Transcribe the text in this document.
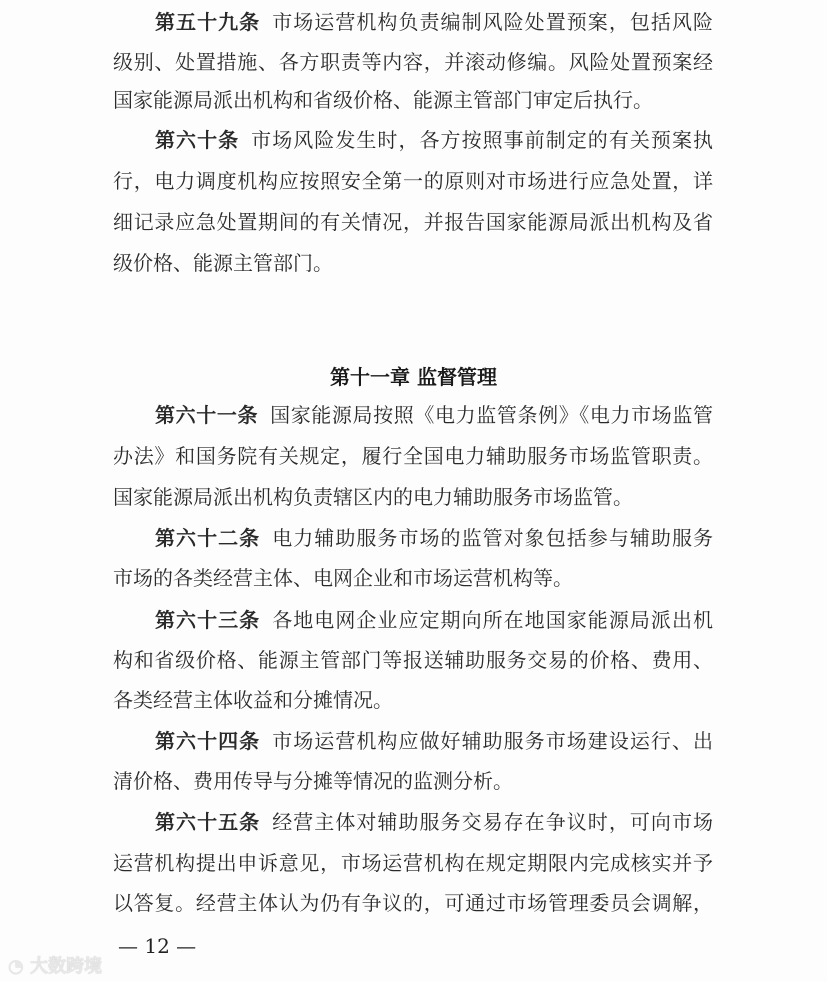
第五十九条 市场运营机构负责编制风险处置预案，包括风险
级别、处置措施、各方职责等内容，并滚动修编。风险处置预案经
国家能源局派出机构和省级价格、能源主管部门审定后执行。
第六十条 市场风险发生时，各方按照事前制定的有关预案执
行，电力调度机构应按照安全第一的原则对市场进行应急处置，详
细记录应急处置期间的有关情况，并报告国家能源局派出机构及省
级价格、能源主管部门。
第六十一条 国家能源局按照《电力监管条例》《电力市场监管
办法》和国务院有关规定，履行全国电力辅助服务市场监管职责。
国家能源局派出机构负责辖区内的电力辅助服务市场监管。
第六十二条 电力辅助服务市场的监管对象包括参与辅助服务
市场的各类经营主体、电网企业和市场运营机构等。
第六十三条 各地电网企业应定期向所在地国家能源局派出机
构和省级价格、能源主管部门等报送辅助服务交易的价格、费用、
各类经营主体收益和分摊情况。
第六十四条 市场运营机构应做好辅助服务市场建设运行、出
清价格、费用传导与分摊等情况的监测分析。
第六十五条 经营主体对辅助服务交易存在争议时，可向市场
运营机构提出申诉意见，市场运营机构在规定期限内完成核实并予
以答复。经营主体认为仍有争议的，可通过市场管理委员会调解，
第十一章 监督管理
— 12 —
◔ 大数跨境
